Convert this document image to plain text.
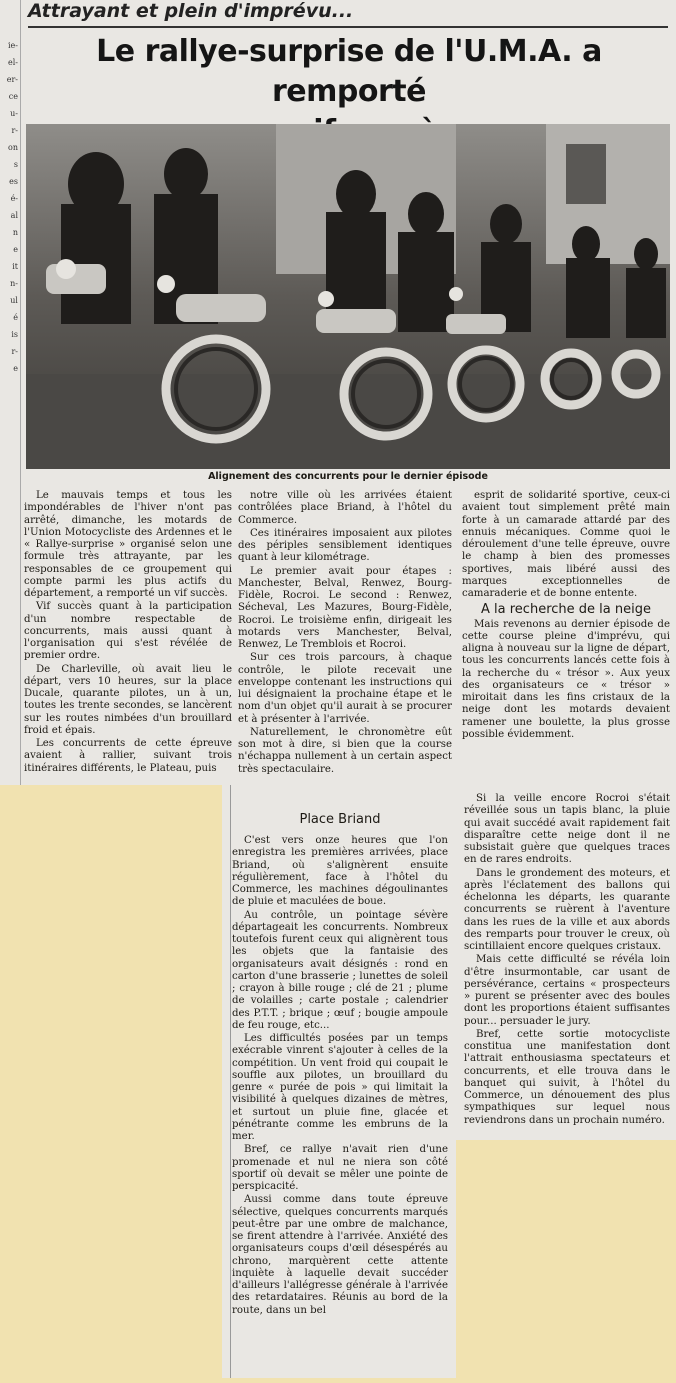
ie-
el-
er-
ce
u-
r-
on
s
es
é-
al
n
e
it
n-
ul
é
is
r-
e
Attrayant et plein d'imprévu...
Le rallye-surprise de l'U.M.A. a remporté
Alignement des concurrents pour le dernier épisode

Le mauvais temps et tous les impondérables de l'hiver n'ont pas arrêté, dimanche, les motards de l'Union Motocycliste des Ardennes et le « Rallye-surprise » organisé selon une formule très attrayante, par les responsables de ce groupement qui compte parmi les plus actifs du département, a remporté un vif succès.

Vif succès quant à la participation d'un nombre respectable de concurrents, mais aussi quant à l'organisation qui s'est révélée de premier ordre.

De Charleville, où avait lieu le départ, vers 10 heures, sur la place Ducale, quarante pilotes, un à un, toutes les trente secondes, se lancèrent sur les routes nimbées d'un brouillard froid et épais.

Les concurrents de cette épreuve avaient à rallier, suivant trois itinéraires différents, le Plateau, puis

notre ville où les arrivées étaient contrôlées place Briand, à l'hôtel du Commerce.

Ces itinéraires imposaient aux pilotes des périples sensiblement identiques quant à leur kilométrage.

Le premier avait pour étapes : Manchester, Belval, Renwez, Bourg-Fidèle, Rocroi. Le second : Renwez, Sécheval, Les Mazures, Bourg-Fidèle, Rocroi. Le troisième enfin, dirigeait les motards vers Manchester, Belval, Renwez, Le Tremblois et Rocroi.

Sur ces trois parcours, à chaque contrôle, le pilote recevait une enveloppe contenant les instructions qui lui désignaient la prochaine étape et le nom d'un objet qu'il aurait à se procurer et à présenter à l'arrivée.

Naturellement, le chronomètre eût son mot à dire, si bien que la course n'échappa nullement à un certain aspect très spectaculaire.

esprit de solidarité sportive, ceux-ci avaient tout simplement prêté main forte à un camarade attardé par des ennuis mécaniques. Comme quoi le déroulement d'une telle épreuve, ouvre le champ à bien des promesses sportives, mais libéré aussi des marques exceptionnelles de camaraderie et de bonne entente.

A la recherche de la neige

Mais revenons au dernier épisode de cette course pleine d'imprévu, qui aligna à nouveau sur la ligne de départ, tous les concurrents lancés cette fois à la recherche du « trésor ». Aux yeux des organisateurs ce « trésor » miroitait dans les fins cristaux de la neige dont les motards devaient ramener une boulette, la plus grosse possible évidemment.

Place Briand

C'est vers onze heures que l'on enregistra les premières arrivées, place Briand, où s'alignèrent ensuite régulièrement, face à l'hôtel du Commerce, les machines dégoulinantes de pluie et maculées de boue.

Au contrôle, un pointage sévère départageait les concurrents. Nombreux toutefois furent ceux qui alignèrent tous les objets que la fantaisie des organisateurs avait désignés : rond en carton d'une brasserie ; lunettes de soleil ; crayon à bille rouge ; clé de 21 ; plume de volailles ; carte postale ; calendrier des P.T.T. ; brique ; œuf ; bougie ampoule de feu rouge, etc...

Les difficultés posées par un temps exécrable vinrent s'ajouter à celles de la compétition. Un vent froid qui coupait le souffle aux pilotes, un brouillard du genre « purée de pois » qui limitait la visibilité à quelques dizaines de mètres, et surtout un pluie fine, glacée et pénétrante comme les embruns de la mer.

Bref, ce rallye n'avait rien d'une promenade et nul ne niera son côté sportif où devait se mêler une pointe de perspicacité.

Aussi comme dans toute épreuve sélective, quelques concurrents marqués peut-être par une ombre de malchance, se firent attendre à l'arrivée. Anxiété des organisateurs coups d'œil désespérés au chrono, marquèrent cette attente inquiète à laquelle devait succéder d'ailleurs l'allégresse générale à l'arrivée des retardataires. Réunis au bord de la route, dans un bel

Si la veille encore Rocroi s'était réveillée sous un tapis blanc, la pluie qui avait succédé avait rapidement fait disparaître cette neige dont il ne subsistait guère que quelques traces en de rares endroits.

Dans le grondement des moteurs, et après l'éclatement des ballons qui échelonna les départs, les quarante concurrents se ruèrent à l'aventure dans les rues de la ville et aux abords des remparts pour trouver le creux, où scintillaient encore quelques cristaux.

Mais cette difficulté se révéla loin d'être insurmontable, car usant de persévérance, certains « prospecteurs » purent se présenter avec des boules dont les proportions étaient suffisantes pour... persuader le jury.

Bref, cette sortie motocycliste constitua une manifestation dont l'attrait enthousiasma spectateurs et concurrents, et elle trouva dans le banquet qui suivit, à l'hôtel du Commerce, un dénouement des plus sympathiques sur lequel nous reviendrons dans un prochain numéro.
